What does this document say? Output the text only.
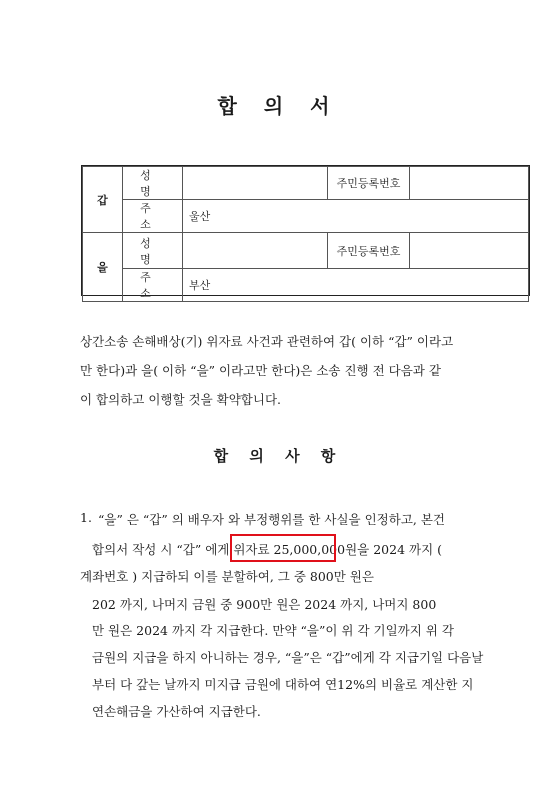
합 의 서
갑	성 명		주민등록번호	
	주 소	울산		
을	성 명		주민등록번호	
	주 소	부산		
상간소송 손해배상(기) 위자료 사건과 관련하여 갑( 이하 “갑” 이라고
만 한다)과 을( 이하 “을” 이라고만 한다)은 소송 진행 전 다음과 같
이 합의하고 이행할 것을 확약합니다.
합 의 사 항
1. “을” 은 “갑” 의 배우자 와 부정행위를 한 사실을 인정하고, 본건
합의서 작성 시 “갑” 에게 위자료 25,000,000원을 2024 까지 (
계좌번호 ) 지급하되 이를 분할하여, 그 중 800만 원은
202 까지, 나머지 금원 중 900만 원은 2024 까지, 나머지 800
만 원은 2024 까지 각 지급한다. 만약 “을”이 위 각 기일까지 위 각
금원의 지급을 하지 아니하는 경우, “을”은 “갑”에게 각 지급기일 다음날
부터 다 갚는 날까지 미지급 금원에 대하여 연12%의 비율로 계산한 지
연손해금을 가산하여 지급한다.
